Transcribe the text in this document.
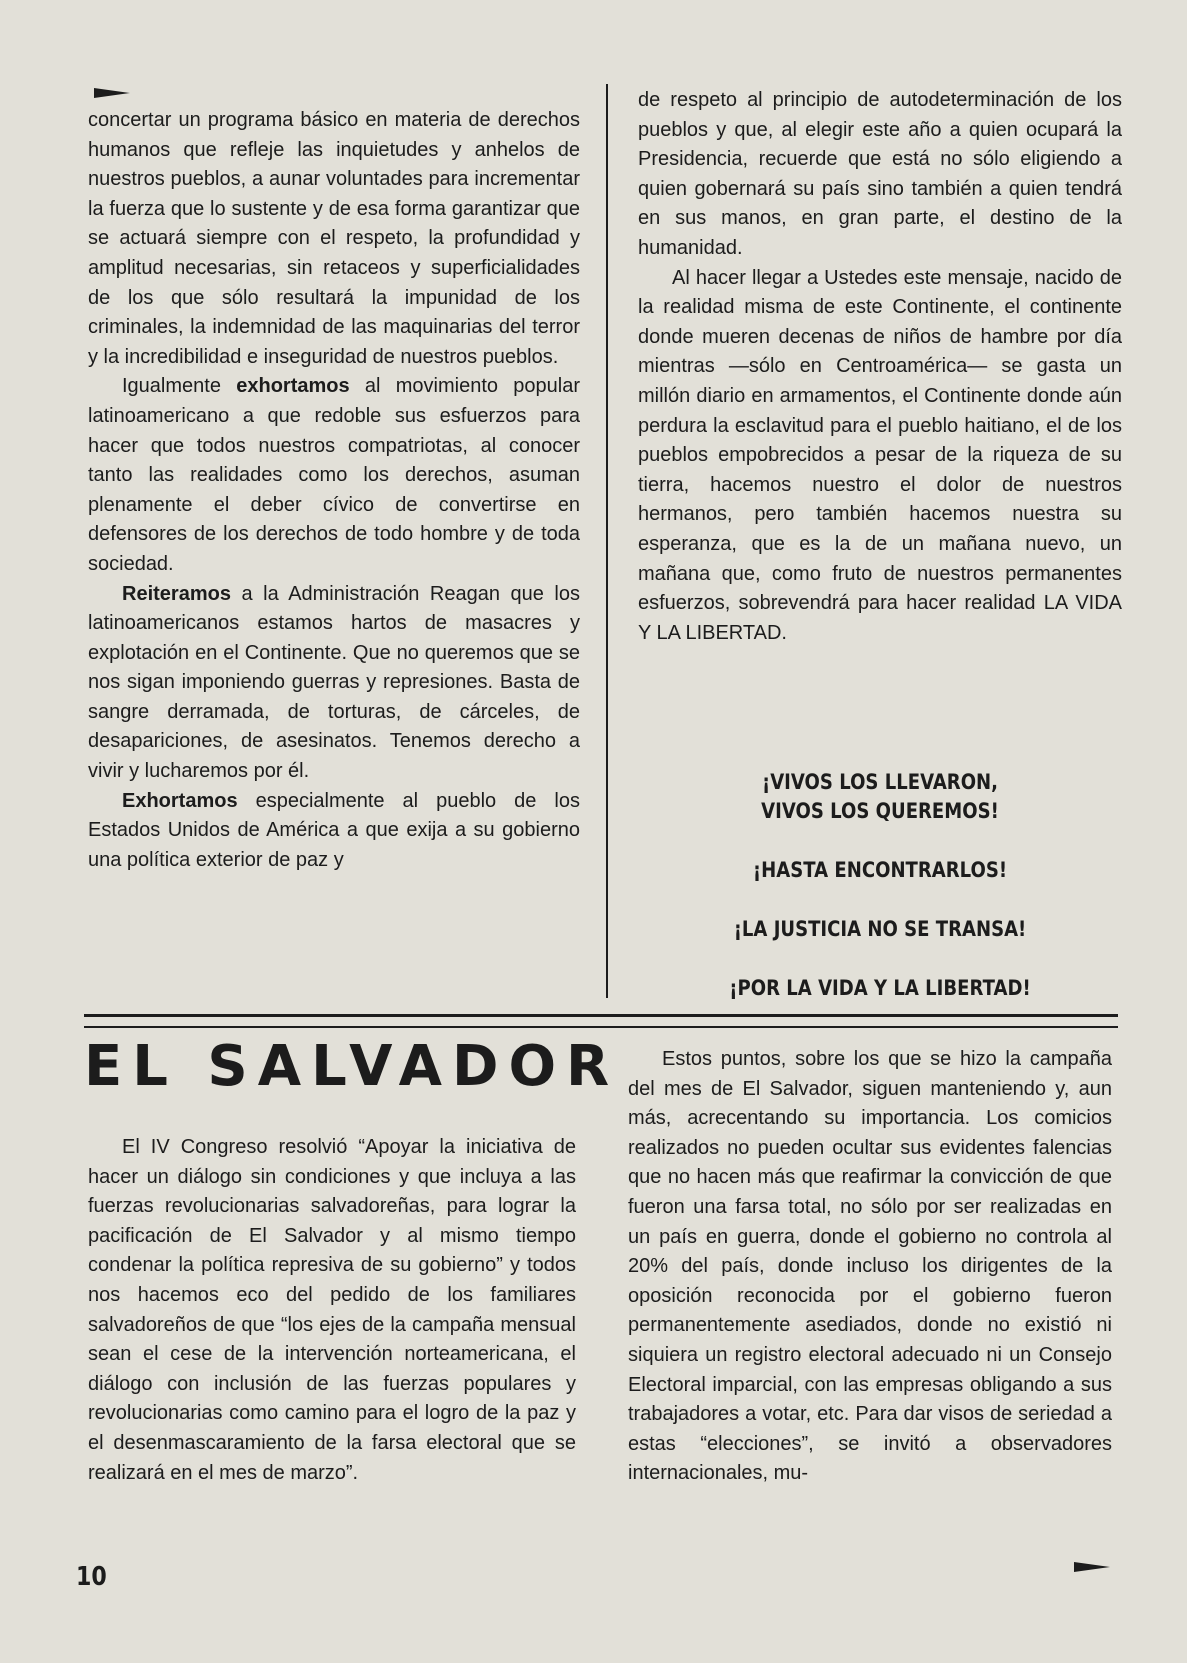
concertar un programa básico en materia de derechos humanos que refleje las inquietudes y anhelos de nuestros pueblos, a aunar voluntades para incrementar la fuerza que lo sustente y de esa forma garantizar que se actuará siempre con el respeto, la profundidad y amplitud necesarias, sin retaceos y superficialidades de los que sólo resultará la impunidad de los criminales, la indemnidad de las maquinarias del terror y la incredibilidad e inseguridad de nuestros pueblos.

Igualmente exhortamos al movimiento popular latinoamericano a que redoble sus esfuerzos para hacer que todos nuestros compatriotas, al conocer tanto las realidades como los derechos, asuman plenamente el deber cívico de convertirse en defensores de los derechos de todo hombre y de toda sociedad.

Reiteramos a la Administración Reagan que los latinoamericanos estamos hartos de masacres y explotación en el Continente. Que no queremos que se nos sigan imponiendo guerras y represiones. Basta de sangre derramada, de torturas, de cárceles, de desapariciones, de asesinatos. Tenemos derecho a vivir y lucharemos por él.

Exhortamos especialmente al pueblo de los Estados Unidos de América a que exija a su gobierno una política exterior de paz y

de respeto al principio de autodeterminación de los pueblos y que, al elegir este año a quien ocupará la Presidencia, recuerde que está no sólo eligiendo a quien gobernará su país sino también a quien tendrá en sus manos, en gran parte, el destino de la humanidad.

Al hacer llegar a Ustedes este mensaje, nacido de la realidad misma de este Continente, el continente donde mueren decenas de niños de hambre por día mientras —sólo en Centroamérica— se gasta un millón diario en armamentos, el Continente donde aún perdura la esclavitud para el pueblo haitiano, el de los pueblos empobrecidos a pesar de la riqueza de su tierra, hacemos nuestro el dolor de nuestros hermanos, pero también hacemos nuestra su esperanza, que es la de un mañana nuevo, un mañana que, como fruto de nuestros permanentes esfuerzos, sobrevendrá para hacer realidad LA VIDA Y LA LIBERTAD.

¡VIVOS LOS LLEVARON,
VIVOS LOS QUEREMOS!
¡HASTA ENCONTRARLOS!
¡LA JUSTICIA NO SE TRANSA!
¡POR LA VIDA Y LA LIBERTAD!
EL SALVADOR

El IV Congreso resolvió “Apoyar la iniciativa de hacer un diálogo sin condiciones y que incluya a las fuerzas revolucionarias salvadoreñas, para lograr la pacificación de El Salvador y al mismo tiempo condenar la política represiva de su gobierno” y todos nos hacemos eco del pedido de los familiares salvadoreños de que “los ejes de la campaña mensual sean el cese de la intervención norteamericana, el diálogo con inclusión de las fuerzas populares y revolucionarias como camino para el logro de la paz y el desenmascaramiento de la farsa electoral que se realizará en el mes de marzo”.

Estos puntos, sobre los que se hizo la campaña del mes de El Salvador, siguen manteniendo y, aun más, acrecentando su importancia. Los comicios realizados no pueden ocultar sus evidentes falencias que no hacen más que reafirmar la convicción de que fueron una farsa total, no sólo por ser realizadas en un país en guerra, donde el gobierno no controla al 20% del país, donde incluso los dirigentes de la oposición reconocida por el gobierno fueron permanentemente asediados, donde no existió ni siquiera un registro electoral adecuado ni un Consejo Electoral imparcial, con las empresas obligando a sus trabajadores a votar, etc. Para dar visos de seriedad a estas “elecciones”, se invitó a observadores internacionales, mu-

10
